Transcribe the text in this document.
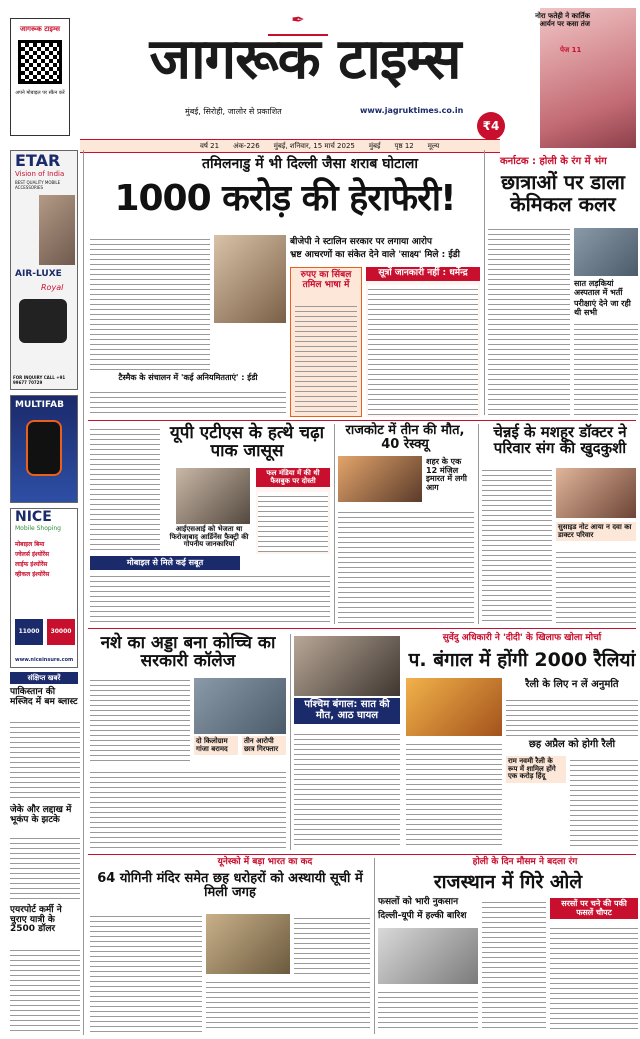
जागरूक टाइम्स
अपने मोबाइल पर स्कैन करें
✒
जागरूक टाइम्स
मुंबई, सिरोही, जालोर से प्रकाशित	www.jagruktimes.co.in
₹4
नोरा फतेही ने कार्तिक आर्यन पर कसा तंज
पेज 11
वर्ष 21 अंक-226 मुंबई, शनिवार, 15 मार्च 2025 मुंबई पृष्ठ 12 मूल्य
ETAR
Vision of India
BEST QUALITY MOBILE ACCESSORIES
AIR-LUXE
Royal
FOR INQUIRY CALL +91 99677 70729
MULTIFAB
NICE
Mobile Shoping
मोबाइल बिमा
ज्वेलर्स इंश्योरेंस
लाईफ इंश्योरेंस
व्हीकल इंश्योरेंस
11000	30000
www.niceinsure.com
संक्षिप्त खबरें
पाकिस्तान की मस्जिद में बम ब्लास्ट
जेके और लद्दाख में भूकंप के झटके
एयरपोर्ट कर्मी ने चुराए यात्री के 2500 डॉलर
तमिलनाडु में भी दिल्ली जैसा शराब घोटाला
1000 करोड़ की हेराफेरी!
बीजेपी ने स्टालिन सरकार पर लगाया आरोप
भ्रष्ट आचरणों का संकेत देने वाले 'साक्ष्य' मिले : ईडी
रुपए का सिंबल तमिल भाषा में
सूत्रों जानकारी नहीं : धर्मेन्द्र
टैस्मैक के संचालन में 'कई अनियमितताएं' : ईडी
कर्नाटक : होली के रंग में भंग
छात्राओं पर डाला केमिकल कलर
सात लड़कियां अस्पताल में भर्ती
परीक्षाएं देने जा रही थी सभी
यूपी एटीएस के हत्थे चढ़ा पाक जासूस
फल मंडिया में की थी फैसबुक पर दोस्ती
आईएसआई को भेजता था फिरोजाबाद आर्डिनेंस फैक्ट्री की गोपनीय जानकारियां
मोबाइल से मिले कई सबूत
राजकोट में तीन की मौत, 40 रेस्क्यू
शहर के एक 12 मंजिल इमारत में लगी आग
चेन्नई के मशहूर डॉक्टर ने परिवार संग की खुदकुशी
सुसाइड नोट आया न दवा का डाक्टर परिवार
नशे का अड्डा बना कोच्चि का सरकारी कॉलेज
दो किलोग्राम गांजा बरामद
तीन आरोपी छात्र गिरफ्तार
पश्चिम बंगाल: सात की मौत, आठ घायल
सुवेंदु अधिकारी ने 'दीदी' के खिलाफ खोला मोर्चा
प. बंगाल में होंगी 2000 रैलियां
रैली के लिए न लें अनुमति
छह अप्रैल को होगी रैली
राम नवमी रैली के रूप में शामिल होंगे एक करोड़ हिंदू
यूनेस्को में बड़ा भारत का कद
64 योगिनी मंदिर समेत छह धरोहरों को अस्थायी सूची में मिली जगह
होली के दिन मौसम ने बदला रंग
राजस्थान में गिरे ओले
फसलों को भारी नुकसान
दिल्ली-यूपी में हल्की बारिश
सरसों पर चने की पकी फसलें चौपट
